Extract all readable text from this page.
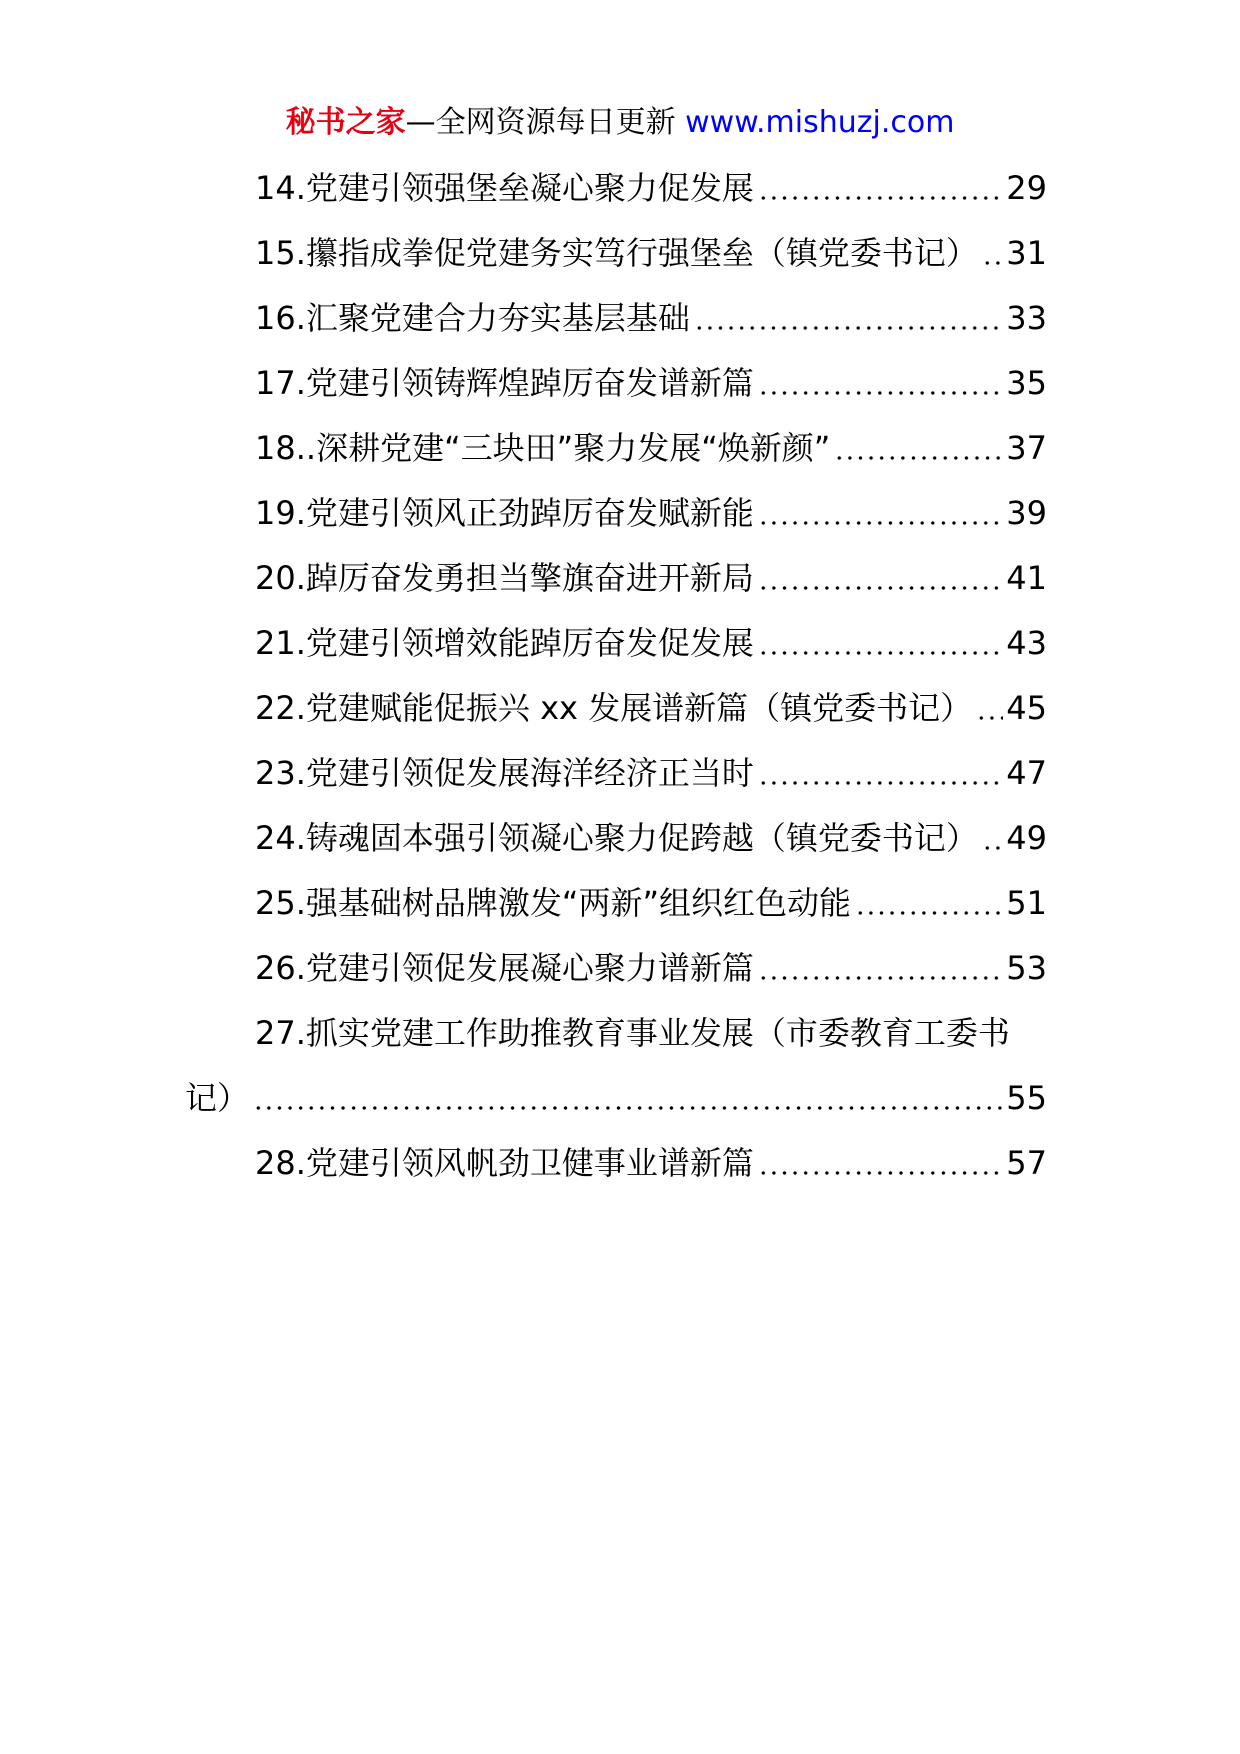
秘书之家—全网资源每日更新 www.mishuzj.com
14.党建引领强堡垒凝心聚力促发展	29
15.攥指成拳促党建务实笃行强堡垒（镇党委书记） 31
16.汇聚党建合力夯实基层基础	33
17.党建引领铸辉煌踔厉奋发谱新篇	35
18..深耕党建“三块田”聚力发展“焕新颜”	37
19.党建引领风正劲踔厉奋发赋新能	39
20.踔厉奋发勇担当擎旗奋进开新局	41
21.党建引领增效能踔厉奋发促发展	43
22.党建赋能促振兴 xx 发展谱新篇（镇党委书记） 45
23.党建引领促发展海洋经济正当时	47
24.铸魂固本强引领凝心聚力促跨越（镇党委书记） 49
25.强基础树品牌激发“两新”组织红色动能	51
26.党建引领促发展凝心聚力谱新篇	53
27.抓实党建工作助推教育事业发展（市委教育工委书
记）	55
28.党建引领风帆劲卫健事业谱新篇	57
